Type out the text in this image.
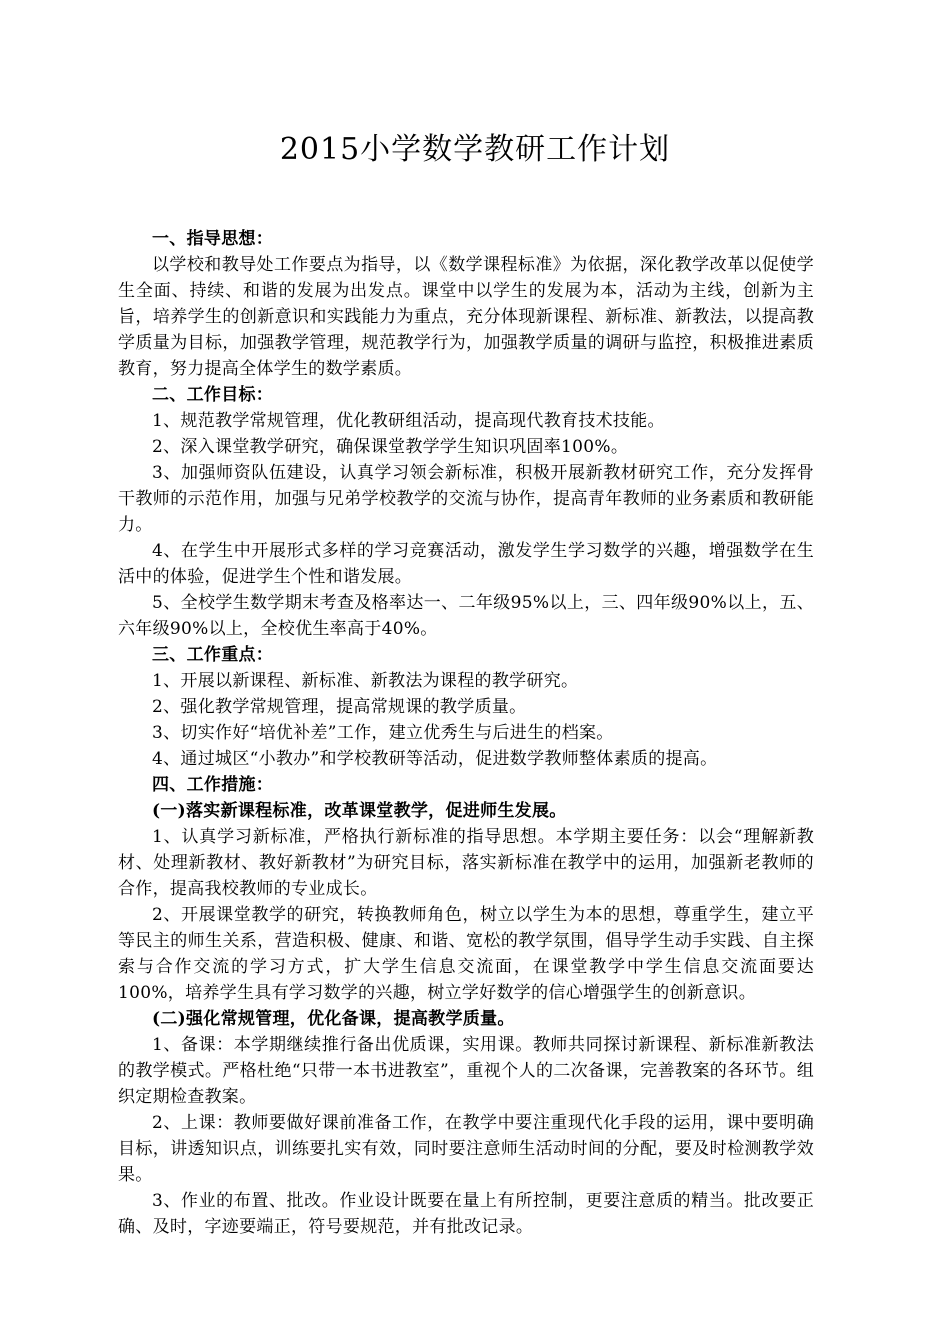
2015小学数学教研工作计划

一、指导思想：

以学校和教导处工作要点为指导，以《数学课程标准》为依据，深化教学改革以促使学生全面、持续、和谐的发展为出发点。课堂中以学生的发展为本，活动为主线，创新为主旨，培养学生的创新意识和实践能力为重点，充分体现新课程、新标准、新教法，以提高教学质量为目标，加强教学管理，规范教学行为，加强教学质量的调研与监控，积极推进素质教育，努力提高全体学生的数学素质。

二、工作目标：

1、规范教学常规管理，优化教研组活动，提高现代教育技术技能。

2、深入课堂教学研究，确保课堂教学学生知识巩固率100%。

3、加强师资队伍建设，认真学习领会新标准，积极开展新教材研究工作，充分发挥骨干教师的示范作用，加强与兄弟学校教学的交流与协作，提高青年教师的业务素质和教研能力。

4、在学生中开展形式多样的学习竞赛活动，激发学生学习数学的兴趣，增强数学在生活中的体验，促进学生个性和谐发展。

5、全校学生数学期末考查及格率达一、二年级95%以上，三、四年级90%以上，五、六年级90%以上，全校优生率高于40%。

三、工作重点：

1、开展以新课程、新标准、新教法为课程的教学研究。

2、强化教学常规管理，提高常规课的教学质量。

3、切实作好“培优补差”工作，建立优秀生与后进生的档案。

4、通过城区“小教办”和学校教研等活动，促进数学教师整体素质的提高。

四、工作措施：

(一)落实新课程标准，改革课堂教学，促进师生发展。

1、认真学习新标准，严格执行新标准的指导思想。本学期主要任务：以会“理解新教材、处理新教材、教好新教材”为研究目标，落实新标准在教学中的运用，加强新老教师的合作，提高我校教师的专业成长。

2、开展课堂教学的研究，转换教师角色，树立以学生为本的思想，尊重学生，建立平等民主的师生关系，营造积极、健康、和谐、宽松的教学氛围，倡导学生动手实践、自主探索与合作交流的学习方式，扩大学生信息交流面，在课堂教学中学生信息交流面要达100%，培养学生具有学习数学的兴趣，树立学好数学的信心增强学生的创新意识。

(二)强化常规管理，优化备课，提高教学质量。

1、备课：本学期继续推行备出优质课，实用课。教师共同探讨新课程、新标准新教法的教学模式。严格杜绝“只带一本书进教室”，重视个人的二次备课，完善教案的各环节。组织定期检查教案。

2、上课：教师要做好课前准备工作，在教学中要注重现代化手段的运用，课中要明确目标，讲透知识点，训练要扎实有效，同时要注意师生活动时间的分配，要及时检测教学效果。

3、作业的布置、批改。作业设计既要在量上有所控制，更要注意质的精当。批改要正确、及时，字迹要端正，符号要规范，并有批改记录。
